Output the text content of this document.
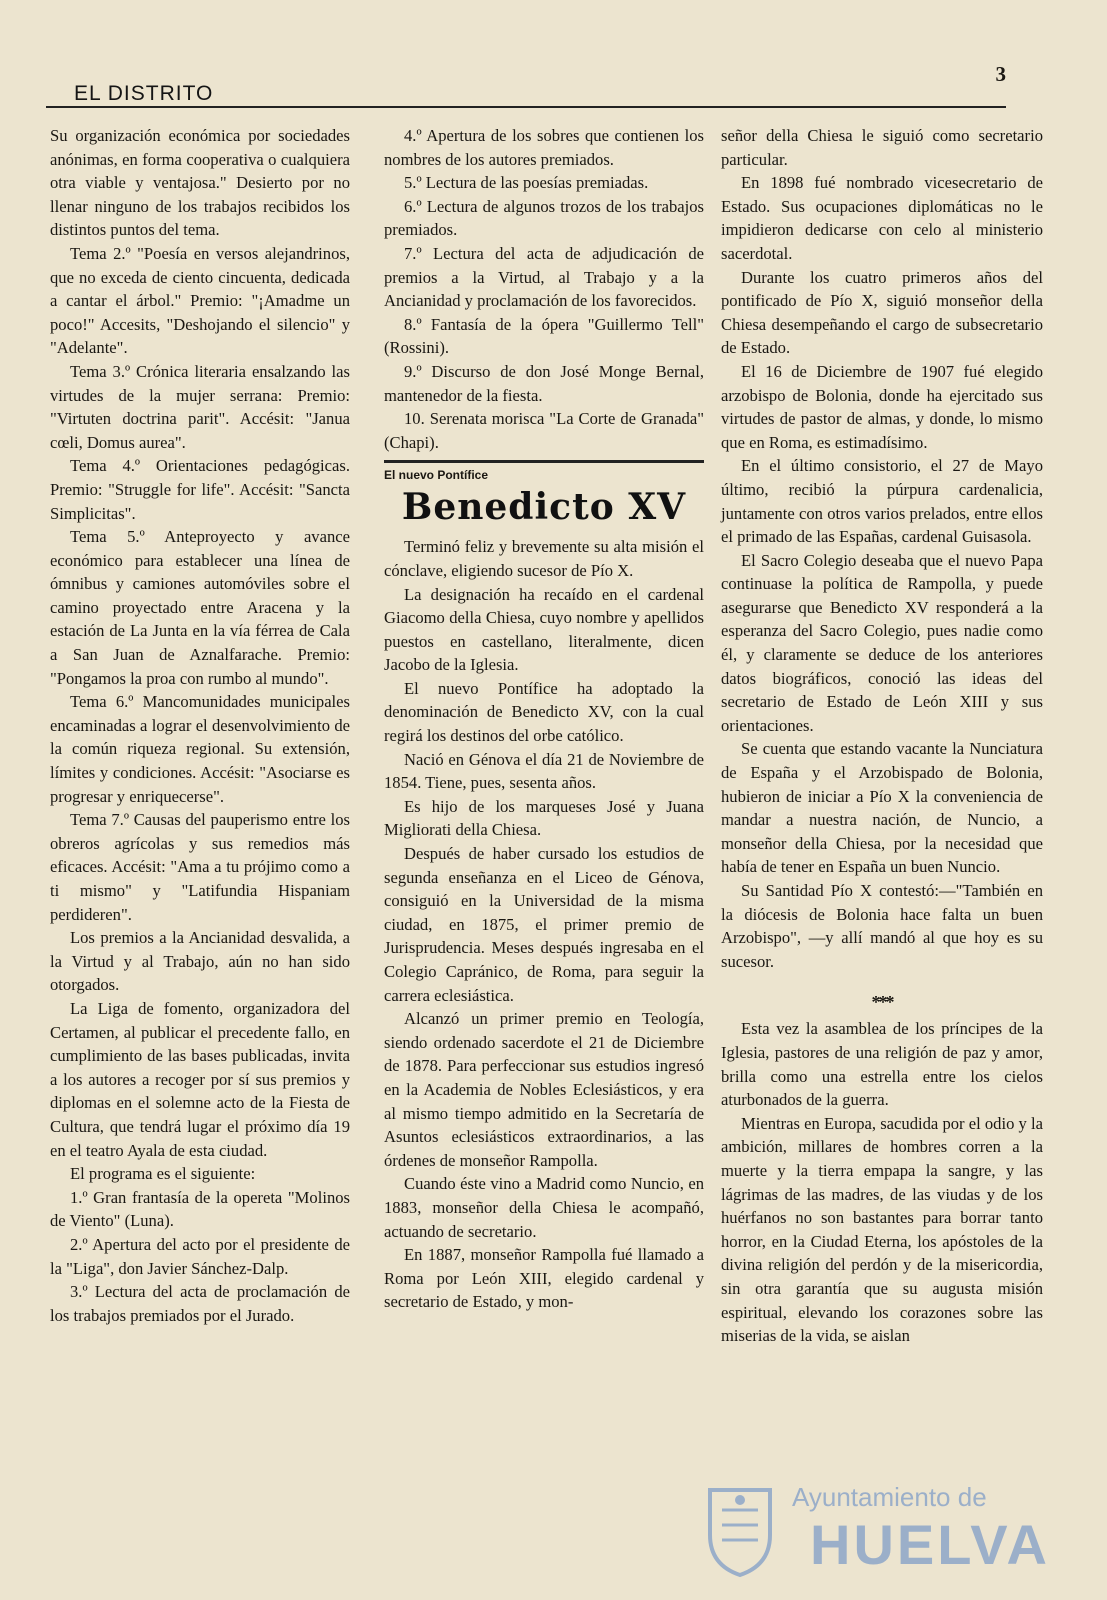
EL DISTRITO
3

Su organización económica por sociedades anónimas, en forma cooperativa o cualquiera otra viable y ventajosa." Desierto por no llenar ninguno de los trabajos recibidos los distintos puntos del tema.

Tema 2.º "Poesía en versos alejandrinos, que no exceda de ciento cincuenta, dedicada a cantar el árbol." Premio: "¡Amadme un poco!" Accesits, "Deshojando el silencio" y "Adelante".

Tema 3.º Crónica literaria ensalzando las virtudes de la mujer serrana: Premio: "Virtuten doctrina parit". Accésit: "Janua cœli, Domus aurea".

Tema 4.º Orientaciones pedagógicas. Premio: "Struggle for life". Accésit: "Sancta Simplicitas".

Tema 5.º Anteproyecto y avance económico para establecer una línea de ómnibus y camiones automóviles sobre el camino proyectado entre Aracena y la estación de La Junta en la vía férrea de Cala a San Juan de Aznalfarache. Premio: "Pongamos la proa con rumbo al mundo".

Tema 6.º Mancomunidades municipales encaminadas a lograr el desenvolvimiento de la común riqueza regional. Su extensión, límites y condiciones. Accésit: "Asociarse es progresar y enriquecerse".

Tema 7.º Causas del pauperismo entre los obreros agrícolas y sus remedios más eficaces. Accésit: "Ama a tu prójimo como a ti mismo" y "Latifundia Hispaniam perdideren".

Los premios a la Ancianidad desvalida, a la Virtud y al Trabajo, aún no han sido otorgados.

La Liga de fomento, organizadora del Certamen, al publicar el precedente fallo, en cumplimiento de las bases publicadas, invita a los autores a recoger por sí sus premios y diplomas en el solemne acto de la Fiesta de Cultura, que tendrá lugar el próximo día 19 en el teatro Ayala de esta ciudad.

El programa es el siguiente:

1.º Gran frantasía de la opereta "Molinos de Viento" (Luna).

2.º Apertura del acto por el presidente de la "Liga", don Javier Sánchez-Dalp.

3.º Lectura del acta de proclamación de los trabajos premiados por el Jurado.

4.º Apertura de los sobres que contienen los nombres de los autores premiados.

5.º Lectura de las poesías premiadas.

6.º Lectura de algunos trozos de los trabajos premiados.

7.º Lectura del acta de adjudicación de premios a la Virtud, al Trabajo y a la Ancianidad y proclamación de los favorecidos.

8.º Fantasía de la ópera "Guillermo Tell" (Rossini).

9.º Discurso de don José Monge Bernal, mantenedor de la fiesta.

10. Serenata morisca "La Corte de Granada" (Chapi).

El nuevo Pontífice
Benedicto XV

Terminó feliz y brevemente su alta misión el cónclave, eligiendo sucesor de Pío X.

La designación ha recaído en el cardenal Giacomo della Chiesa, cuyo nombre y apellidos puestos en castellano, literalmente, dicen Jacobo de la Iglesia.

El nuevo Pontífice ha adoptado la denominación de Benedicto XV, con la cual regirá los destinos del orbe católico.

Nació en Génova el día 21 de Noviembre de 1854. Tiene, pues, sesenta años.

Es hijo de los marqueses José y Juana Migliorati della Chiesa.

Después de haber cursado los estudios de segunda enseñanza en el Liceo de Génova, consiguió en la Universidad de la misma ciudad, en 1875, el primer premio de Jurisprudencia. Meses después ingresaba en el Colegio Capránico, de Roma, para seguir la carrera eclesiástica.

Alcanzó un primer premio en Teología, siendo ordenado sacerdote el 21 de Diciembre de 1878. Para perfeccionar sus estudios ingresó en la Academia de Nobles Eclesiásticos, y era al mismo tiempo admitido en la Secretaría de Asuntos eclesiásticos extraordinarios, a las órdenes de monseñor Rampolla.

Cuando éste vino a Madrid como Nuncio, en 1883, monseñor della Chiesa le acompañó, actuando de secretario.

En 1887, monseñor Rampolla fué llamado a Roma por León XIII, elegido cardenal y secretario de Estado, y mon-

señor della Chiesa le siguió como secretario particular.

En 1898 fué nombrado vicesecretario de Estado. Sus ocupaciones diplomáticas no le impidieron dedicarse con celo al ministerio sacerdotal.

Durante los cuatro primeros años del pontificado de Pío X, siguió monseñor della Chiesa desempeñando el cargo de subsecretario de Estado.

El 16 de Diciembre de 1907 fué elegido arzobispo de Bolonia, donde ha ejercitado sus virtudes de pastor de almas, y donde, lo mismo que en Roma, es estimadísimo.

En el último consistorio, el 27 de Mayo último, recibió la púrpura cardenalicia, juntamente con otros varios prelados, entre ellos el primado de las Españas, cardenal Guisasola.

El Sacro Colegio deseaba que el nuevo Papa continuase la política de Rampolla, y puede asegurarse que Benedicto XV responderá a la esperanza del Sacro Colegio, pues nadie como él, y claramente se deduce de los anteriores datos biográficos, conoció las ideas del secretario de Estado de León XIII y sus orientaciones.

Se cuenta que estando vacante la Nunciatura de España y el Arzobispado de Bolonia, hubieron de iniciar a Pío X la conveniencia de mandar a nuestra nación, de Nuncio, a monseñor della Chiesa, por la necesidad que había de tener en España un buen Nuncio.

Su Santidad Pío X contestó:—"También en la diócesis de Bolonia hace falta un buen Arzobispo", —y allí mandó al que hoy es su sucesor.

***

Esta vez la asamblea de los príncipes de la Iglesia, pastores de una religión de paz y amor, brilla como una estrella entre los cielos aturbonados de la guerra.

Mientras en Europa, sacudida por el odio y la ambición, millares de hombres corren a la muerte y la tierra empapa la sangre, y las lágrimas de las madres, de las viudas y de los huérfanos no son bastantes para borrar tanto horror, en la Ciudad Eterna, los apóstoles de la divina religión del perdón y de la misericordia, sin otra garantía que su augusta misión espiritual, elevando los corazones sobre las miserias de la vida, se aislan

Ayuntamiento de
HUELVA
